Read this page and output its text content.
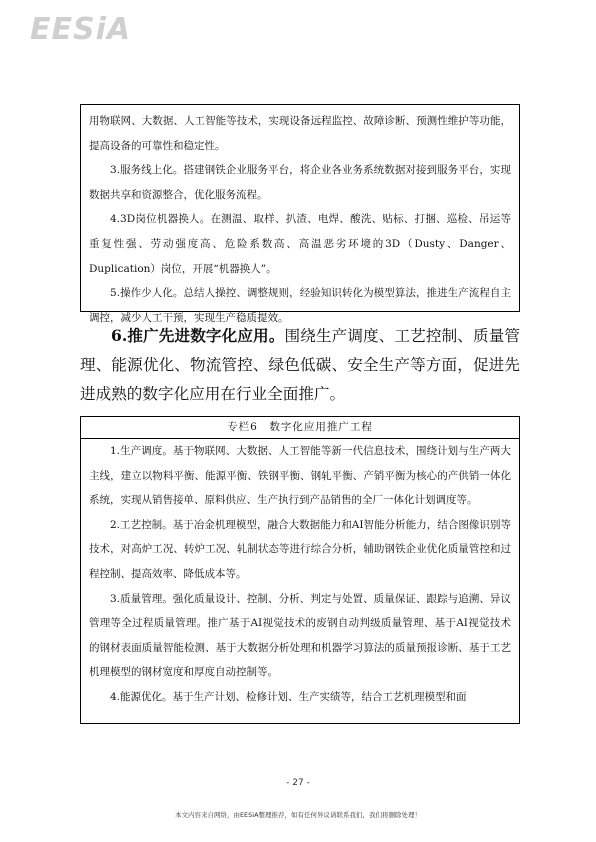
EESiA

用物联网、大数据、人工智能等技术，实现设备远程监控、故障诊断、预测性维护等功能，提高设备的可靠性和稳定性。

3.服务线上化。搭建钢铁企业服务平台，将企业各业务系统数据对接到服务平台，实现数据共享和资源整合，优化服务流程。

4.3D岗位机器换人。在测温、取样、扒渣、电焊、酸洗、贴标、打捆、巡检、吊运等重复性强、劳动强度高、危险系数高、高温恶劣环境的3D（Dusty、Danger、Duplication）岗位，开展“机器换人”。

5.操作少人化。总结人操控、调整规则，经验知识转化为模型算法，推进生产流程自主调控，减少人工干预，实现生产稳质提效。

6.推广先进数字化应用。围绕生产调度、工艺控制、质量管理、能源优化、物流管控、绿色低碳、安全生产等方面，促进先进成熟的数字化应用在行业全面推广。

专栏6　数字化应用推广工程

1.生产调度。基于物联网、大数据、人工智能等新一代信息技术，围绕计划与生产两大主线，建立以物料平衡、能源平衡、铁钢平衡、钢轧平衡、产销平衡为核心的产供销一体化系统，实现从销售接单、原料供应、生产执行到产品销售的全厂一体化计划调度等。

2.工艺控制。基于冶金机理模型，融合大数据能力和AI智能分析能力，结合图像识别等技术，对高炉工况、转炉工况、轧制状态等进行综合分析，辅助钢铁企业优化质量管控和过程控制、提高效率、降低成本等。

3.质量管理。强化质量设计、控制、分析、判定与处置、质量保证、跟踪与追溯、异议管理等全过程质量管理。推广基于AI视觉技术的废钢自动判级质量管理、基于AI视觉技术的钢材表面质量智能检测、基于大数据分析处理和机器学习算法的质量预报诊断、基于工艺机理模型的钢材宽度和厚度自动控制等。

4.能源优化。基于生产计划、检修计划、生产实绩等，结合工艺机理模型和面

- 27 -
本文内容来自网络，由EESiA整理推荐，如有任何异议请联系我们，我们将删除处理！
